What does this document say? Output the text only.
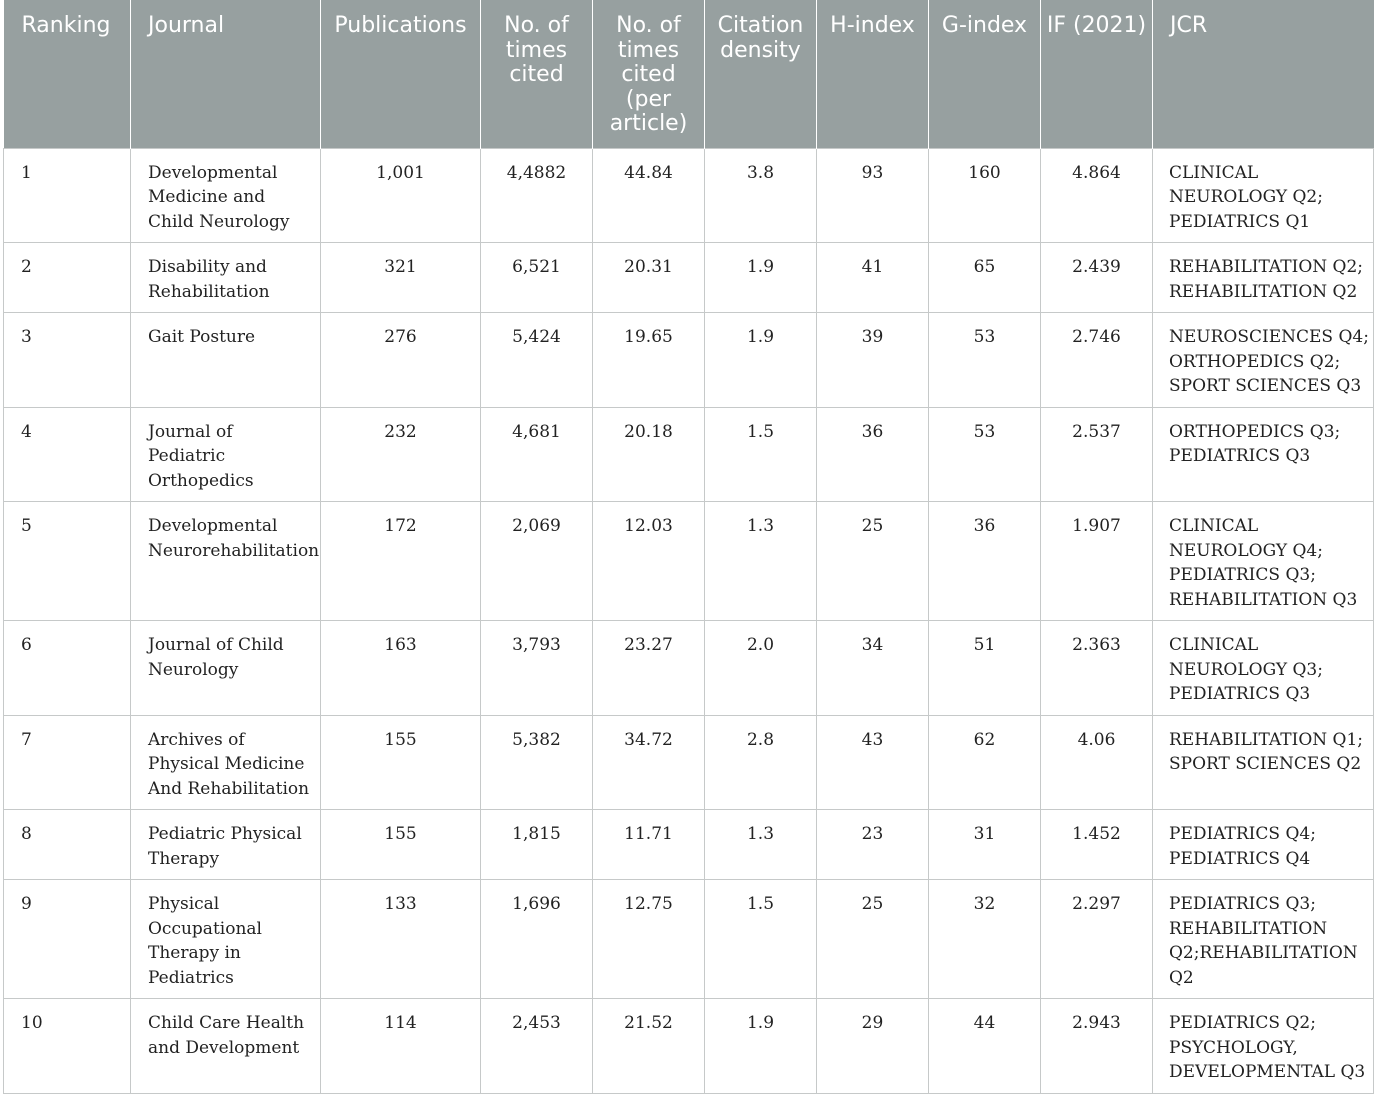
Ranking	Journal	Publications	No. of times cited	No. of times cited (per article)	Citation density	H-index	G-index	IF (2021)	JCR
1	Developmental Medicine and Child Neurology	1,001	4,4882	44.84	3.8	93	160	4.864	CLINICAL NEUROLOGY Q2; PEDIATRICS Q1
2	Disability and Rehabilitation	321	6,521	20.31	1.9	41	65	2.439	REHABILITATION Q2; REHABILITATION Q2
3	Gait Posture	276	5,424	19.65	1.9	39	53	2.746	NEUROSCIENCES Q4; ORTHOPEDICS Q2; SPORT SCIENCES Q3
4	Journal of Pediatric Orthopedics	232	4,681	20.18	1.5	36	53	2.537	ORTHOPEDICS Q3; PEDIATRICS Q3
5	Developmental Neurorehabilitation	172	2,069	12.03	1.3	25	36	1.907	CLINICAL NEUROLOGY Q4; PEDIATRICS Q3; REHABILITATION Q3
6	Journal of Child Neurology	163	3,793	23.27	2.0	34	51	2.363	CLINICAL NEUROLOGY Q3; PEDIATRICS Q3
7	Archives of Physical Medicine And Rehabilitation	155	5,382	34.72	2.8	43	62	4.06	REHABILITATION Q1; SPORT SCIENCES Q2
8	Pediatric Physical Therapy	155	1,815	11.71	1.3	23	31	1.452	PEDIATRICS Q4; PEDIATRICS Q4
9	Physical Occupational Therapy in Pediatrics	133	1,696	12.75	1.5	25	32	2.297	PEDIATRICS Q3; REHABILITATION Q2;REHABILITATION Q2
10	Child Care Health and Development	114	2,453	21.52	1.9	29	44	2.943	PEDIATRICS Q2; PSYCHOLOGY, DEVELOPMENTAL Q3
